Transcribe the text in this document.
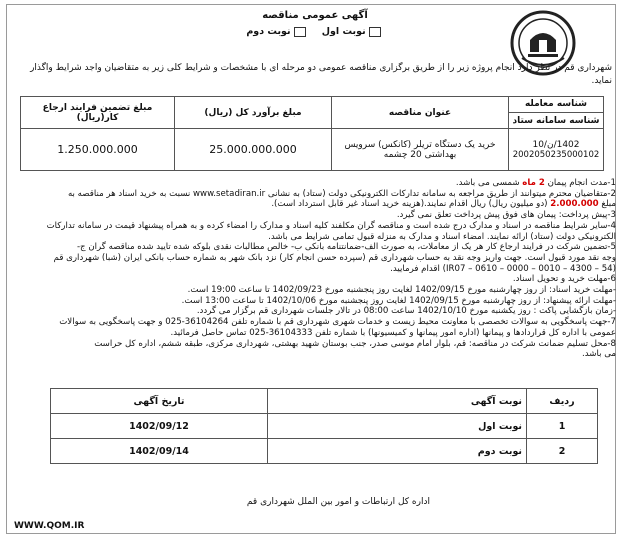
آگهی عمومی مناقصه
نوبت اول    نوبت دوم
شهرداری قم در نظر دارد انجام پروژه زیر را از طریق برگزاری مناقصه عمومی دو مرحله ای با مشخصات و شرایط کلی زیر به متقاضیان واجد شرایط واگذار نماید.
شناسه معامله
شناسه سامانه ستاد	عنوان مناقصه	مبلغ برآورد کل (ریال)	مبلغ تضمین فرایند ارجاع کار(ریال)

1402/ن/10
2002050235000102	خرید یک دستگاه تریلر (کانکس) سرویس بهداشتی 20 چشمه	25.000.000.000	1.250.000.000

1-مدت انجام پیمان 2 ماه شمسی می باشد.

2-متقاضیان محترم میتوانند از طریق مراجعه به سامانه تدارکات الکترونیکی دولت (ستاد) به نشانی www.setadiran.ir نسبت به خرید اسناد هر مناقصه به

مبلغ 2.000.000 (دو میلیون ریال) ریال اقدام نمایند.(هزینه خرید اسناد غیر قابل استرداد است).

3-پیش پرداخت: پیمان های فوق پیش پرداخت تعلق نمی گیرد.

4-سایر شرایط مناقصه در اسناد و مدارک درج شده است و مناقصه گران مکلفند کلیه اسناد و مدارک را امضاء کرده و به همراه پیشنهاد قیمت در سامانه تدارکات

الکترونیکی دولت (ستاد) ارائه نمایند. امضاء اسناد و مدارک به منزله قبول تمامی شرایط می باشد.

5-تضمین شرکت در فرایند ارجاع کار هر یک از معاملات، به صورت الف-ضمانتنامه بانکی ب- خالص مطالبات نقدی بلوکه شده تایید شده مناقصه گران ج-

وجه نقد مورد قبول است. جهت واریز وجه نقد به حساب شهرداری قم (سپرده حسن انجام کار) نزد بانک شهر به شماره حساب بانکی ایران (شبا) شهرداری قم

(IR07 – 0610 – 0000 – 0010 – 4300 – 54) اقدام فرمایید.

6-مهلت خرید و تحویل اسناد.

-مهلت خرید اسناد: از روز چهارشنبه مورخ 1402/09/15 لغایت روز پنجشنبه مورخ 1402/09/23 تا ساعت 19:00 است.

-مهلت ارائه پیشنهاد: از روز چهارشنبه مورخ 1402/09/15 لغایت روز پنجشنبه مورخ 1402/10/06 تا ساعت 13:00 است.

-زمان بازگشایی پاکت : روز یکشنبه مورخ 1402/10/10 ساعت 08:00 در تالار جلسات شهرداری قم برگزار می گردد.

7-جهت پاسخگویی به سوالات تخصصی با معاونت محیط زیست و خدمات شهری شهرداری قم با شماره تلفن 36104264-025 و جهت پاسخگویی به سوالات

عمومی با اداره کل قراردادها و پیمانها (اداره امور پیمانها و کمیسیونها) با شماره تلفن 36104333-025 تماس حاصل فرمائید.

8-محل تسلیم ضمانت شرکت در مناقصه: قم، بلوار امام موسی صدر، جنب بوستان شهید بهشتی، شهرداری مرکزی، طبقه ششم، اداره کل حراست

می باشد.

ردیف	نوبت آگهی	تاریخ آگهی
1	نوبت اول	1402/09/12
2	نوبت دوم	1402/09/14
اداره کل ارتباطات و امور بین الملل شهرداری قم
WWW.QOM.IR
